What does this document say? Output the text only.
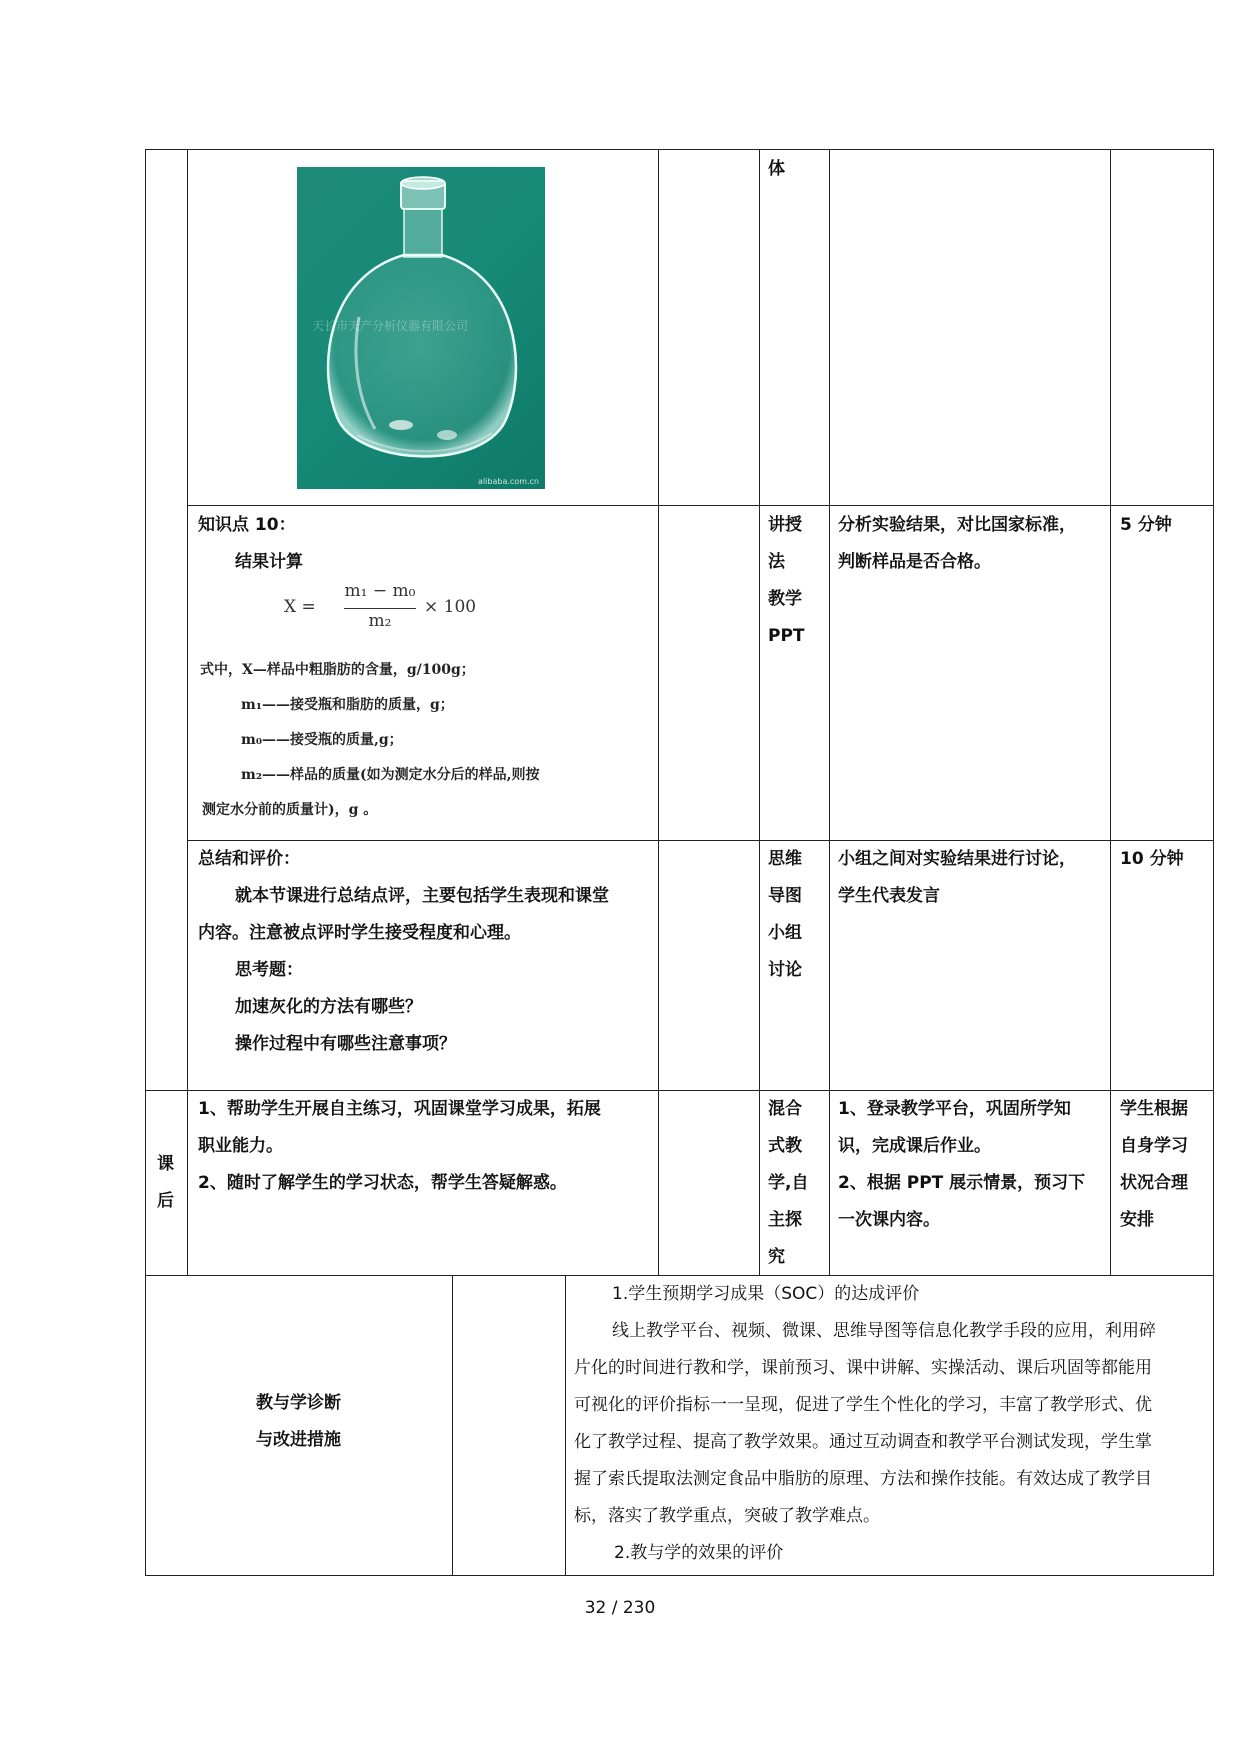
天长市天产分析仪器有限公司
alibaba.com.cn
体
知识点 10：
结果计算
X =
m₁ − m₀
m₂
× 100
式中，X—样品中粗脂肪的含量，g/100g；
m₁——接受瓶和脂肪的质量，g；
m₀——接受瓶的质量,g；
m₂——样品的质量(如为测定水分后的样品,则按
测定水分前的质量计)，g 。
讲授
法
教学
PPT
分析实验结果，对比国家标准，
判断样品是否合格。
5 分钟
总结和评价：
就本节课进行总结点评，主要包括学生表现和课堂
内容。注意被点评时学生接受程度和心理。
思考题：
加速灰化的方法有哪些？
操作过程中有哪些注意事项？
思维
导图
小组
讨论
小组之间对实验结果进行讨论，
学生代表发言
10 分钟
课
后
1、帮助学生开展自主练习，巩固课堂学习成果，拓展
职业能力。
2、随时了解学生的学习状态，帮学生答疑解惑。
混合
式教
学,自
主探
究
1、登录教学平台，巩固所学知
识，完成课后作业。
2、根据 PPT 展示情景，预习下
一次课内容。
学生根据
自身学习
状况合理
安排
教与学诊断
与改进措施
1.学生预期学习成果（SOC）的达成评价
线上教学平台、视频、微课、思维导图等信息化教学手段的应用，利用碎
片化的时间进行教和学，课前预习、课中讲解、实操活动、课后巩固等都能用
可视化的评价指标一一呈现，促进了学生个性化的学习，丰富了教学形式、优
化了教学过程、提高了教学效果。通过互动调查和教学平台测试发现，学生掌
握了索氏提取法测定食品中脂肪的原理、方法和操作技能。有效达成了教学目
标，落实了教学重点，突破了教学难点。
2.教与学的效果的评价
32 / 230
